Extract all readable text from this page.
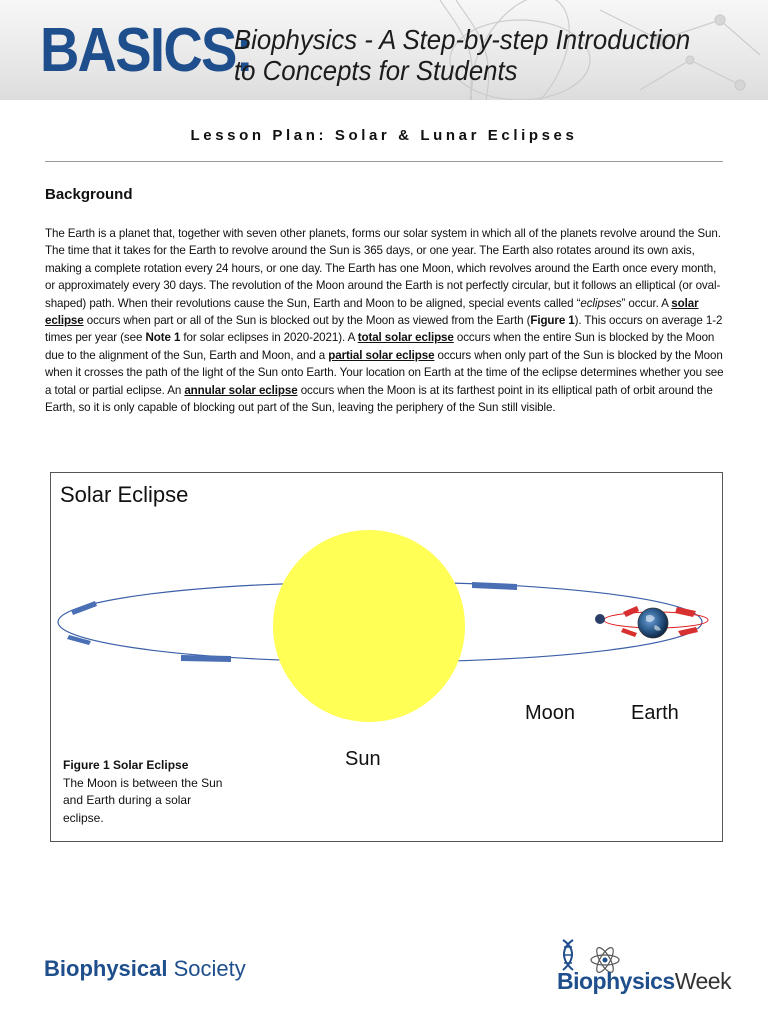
BASICS:
Biophysics - A Step-by-step Introduction
to Concepts for Students
Lesson Plan: Solar & Lunar Eclipses
Background
The Earth is a planet that, together with seven other planets, forms our solar system in which all of the planets revolve around the Sun. The time that it takes for the Earth to revolve around the Sun is 365 days, or one year. The Earth also rotates around its own axis, making a complete rotation every 24 hours, or one day. The Earth has one Moon, which revolves around the Earth once every month, or approximately every 30 days. The revolution of the Moon around the Earth is not perfectly circular, but it follows an elliptical (or oval-shaped) path. When their revolutions cause the Sun, Earth and Moon to be aligned, special events called “eclipses” occur. A solar eclipse occurs when part or all of the Sun is blocked out by the Moon as viewed from the Earth (Figure 1). This occurs on average 1-2 times per year (see Note 1 for solar eclipses in 2020-2021). A total solar eclipse occurs when the entire Sun is blocked by the Moon due to the alignment of the Sun, Earth and Moon, and a partial solar eclipse occurs when only part of the Sun is blocked by the Moon when it crosses the path of the light of the Sun onto Earth. Your location on Earth at the time of the eclipse determines whether you see a total or partial eclipse. An annular solar eclipse occurs when the Moon is at its farthest point in its elliptical path of orbit around the Earth, so it is only capable of blocking out part of the Sun, leaving the periphery of the Sun still visible.
Solar Eclipse
Moon	Earth
Sun
Figure 1 Solar Eclipse
The Moon is between the Sun and Earth during a solar eclipse.
Biophysical Society	BiophysicsWeek
